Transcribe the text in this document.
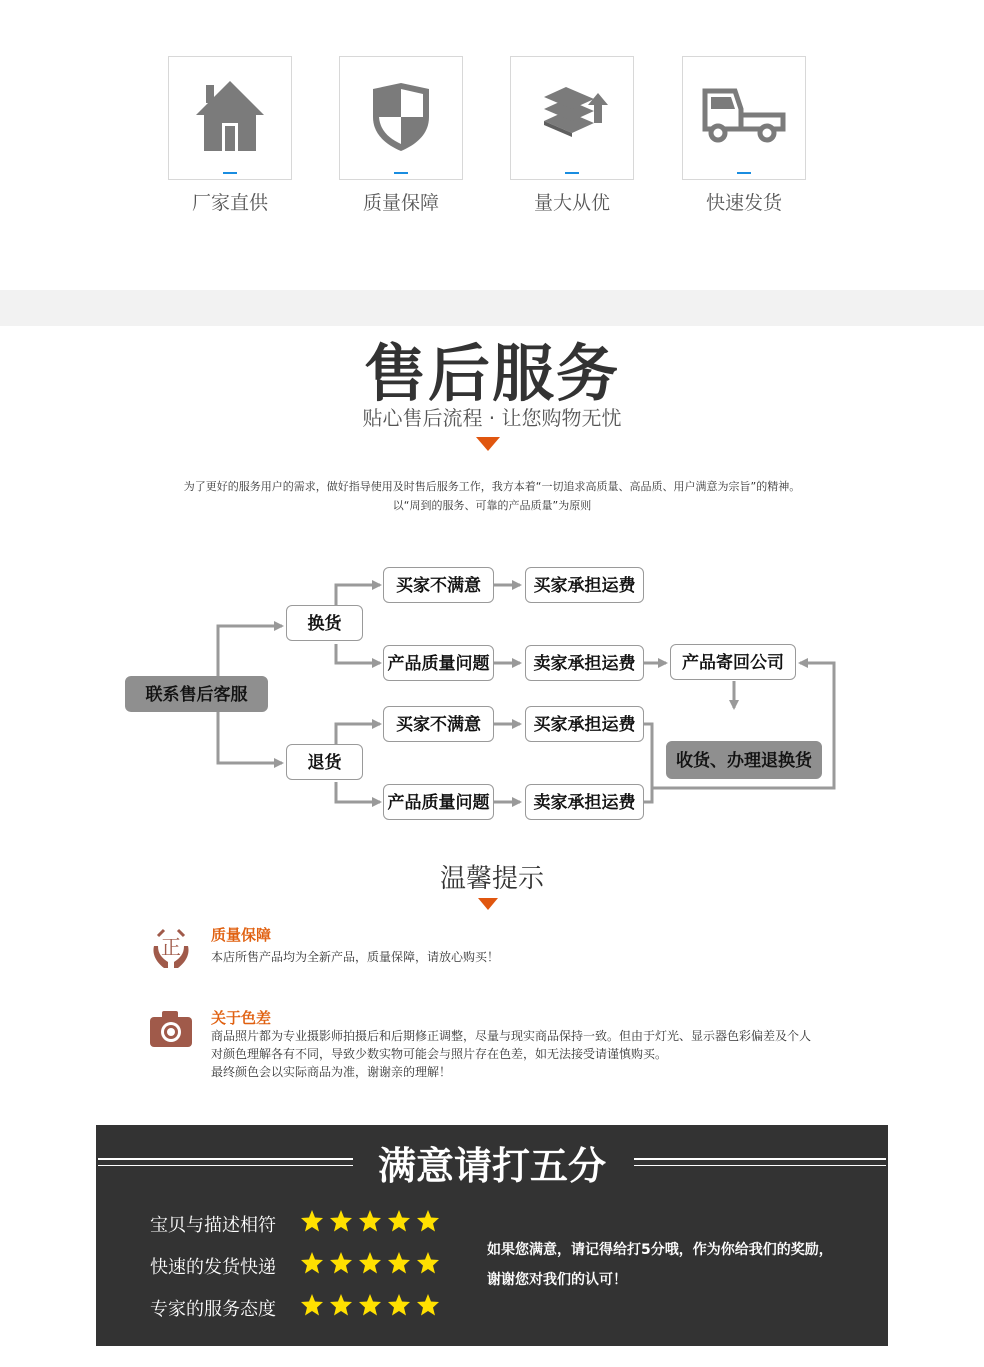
厂家直供	质量保障	量大从优	快速发货
售后服务
贴心售后流程 · 让您购物无忧
为了更好的服务用户的需求，做好指导使用及时售后服务工作，我方本着“一切追求高质量、高品质、用户满意为宗旨”的精神。
以“周到的服务、可靠的产品质量”为原则
联系售后客服
换货
退货
买家不满意	买家承担运费
产品质量问题	卖家承担运费	产品寄回公司
买家不满意	买家承担运费
收货、办理退换货
产品质量问题	卖家承担运费
温馨提示
正 质量保障
本店所售产品均为全新产品，质量保障，请放心购买！
关于色差
商品照片都为专业摄影师拍摄后和后期修正调整，尽量与现实商品保持一致。但由于灯光、显示器色彩偏差及个人
对颜色理解各有不同，导致少数实物可能会与照片存在色差，如无法接受请谨慎购买。
最终颜色会以实际商品为准，谢谢亲的理解！
满意请打五分
宝贝与描述相符
快速的发货快递
专家的服务态度
如果您满意，请记得给打5分哦，作为你给我们的奖励，
谢谢您对我们的认可！
